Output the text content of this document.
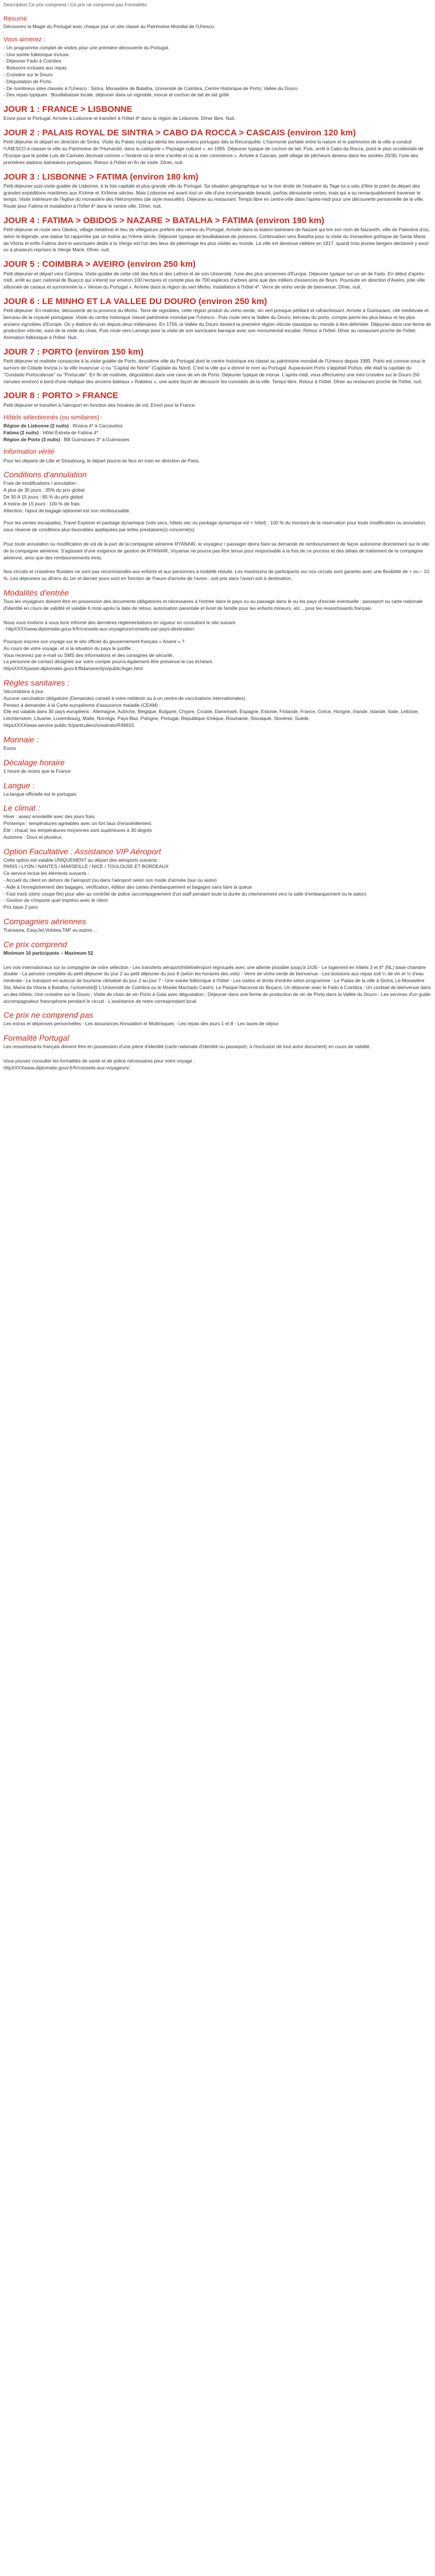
Description Ce prix comprend / Ce prix ne comprend pas Formalités

Résumé

Découvrez la Magie du Portugal avec chaque jour un site classé au Patrimoine Mondial de l'Unesco.

Vous aimerez :
- Un programme complet de visites pour une première découverte du Portugal.
- Une soirée folklorique incluse.
- Déjeuner Fado à Coimbra
- Boissons incluses aux repas.
- Croisière sur le Douro
- Dégustation de Porto.
- De nombreux sites classés à l'Unesco : Sintra, Monastère de Batalha, Université de Coimbra, Centre Historique de Porto, Vallée du Douro
- Des repas typiques : Bouillabaisse locale, déjeuner dans un vignoble, morue et cochon de lait de lait grillé
JOUR 1 : FRANCE > LISBONNE

Envol pour le Portugal. Arrivée à Lisbonne et transfert à l'hôtel 4* dans la région de Lisbonne. Dîner libre. Nuit.

JOUR 2 : PALAIS ROYAL DE SINTRA > CABO DA ROCCA > CASCAIS (environ 120 km)

Petit déjeuner et départ en direction de Sintra. Visite du Palais royal qui abrita les souverains portugais dès la Reconquête. L'harmonie parfaite entre la nature et le patrimoine de la ville a conduit l'UNESCO à classer la ville au Patrimoine de l'Humanité, dans la catégorie « Paysage culturel », en 1995. Déjeuner typique de cochon de lait. Puis, arrêt à Cabo da Rocca, point le plus occidentale de l'Europe que le poète Luis de Camoes décrivait comme « l'endroit où la terre s'arrête et où la mer commence ». Arrivée à Cascais, petit village de pêcheurs devenu dans les années 20/30, l'une des premières stations balnéaires portugaises. Retour à l'hôtel en fin de visite. Dîner, nuit.

JOUR 3 : LISBONNE > FATIMA (environ 180 km)

Petit déjeuner puis visite guidée de Lisbonne, à la fois capitale et plus grande ville du Portugal. Sa situation géographique sur la rive droite de l'estuaire du Tage lui a valu d'être le point de départ des grandes expéditions maritimes aux XVème et XVIème siècles. Mais Lisbonne est avant tout un site d'une incomparable beauté, parfois déroutante certes, mais qui a su remarquablement traverser le temps. Visite intérieure de l'église du monastère des Hiéronymites (de style manuélin). Déjeuner au restaurant. Temps libre en centre-ville dans l'après-midi pour une découverte personnelle de la ville. Route pour Fatima et installation à l'hôtel 4* dans le centre ville. Dîner, nuit.

JOUR 4 : FATIMA > OBIDOS > NAZARE > BATALHA > FATIMA (environ 190 km)

Petit déjeuner et route vers Obidos, village médiéval et lieu de villégiature préféré des reines du Portugal. Arrivée dans la station balnéaire de Nazaré qui tire son nom de Nazareth, ville de Palestine d'où, selon la légende, une statue fut rapportée par un moine au IVème siècle. Déjeuner typique de bouillabaisse de poissons. Continuation vers Batalha pour la visite du monastère gothique de Santa Maria da Vitoria et enfin Fatima dont le sanctuaire dédié à la Vierge est l'un des lieux de pèlerinage les plus visités au monde. La ville est devenue célèbre en 1917, quand trois jeunes bergers déclarent y avoir vu à plusieurs reprises la Vierge Marie. Dîner, nuit.

JOUR 5 : COIMBRA > AVEIRO (environ 250 km)

Petit déjeuner et départ vers Coimbra. Visite guidée de cette cité des Arts et des Lettres et de son Université, l'une des plus anciennes d'Europe. Déjeuner typique sur un air de Fado. En début d'après-midi, arrêt au parc national de Buaçco qui s'étend sur environ 100 hectares et compte plus de 700 espèces d'arbres ainsi que des milliers d'essences de fleurs. Poursuite en direction d'Aveiro, jolie ville sillonnée de canaux et surnommée la « Venise du Portugal ». Arrivée dans la région du vert Minho. Installation à l'hôtel 4*. Verre de vinho verde de bienvenue. Dîner, nuit.

JOUR 6 : LE MINHO ET LA VALLEE DU DOURO (environ 250 km)

Petit déjeuner. En matinée, découverte de la province du Minho. Terre de vignobles, cette région produit du vinho verde, vin vert presque pétillant et rafraichissant. Arrivée à Guimaraes, cité médiévale et berceau de la royauté portugaise. Visite du centre historique classé patrimoine mondial par l'Unesco . Puis route vers la Vallée du Douro, berceau du porto, compte parmi les plus beaux et les plus anciens vignobles d'Europe. On y élabore du vin depuis deux millénaires. En 1756, la Vallée du Douro devient la première région viticole classique au monde à être délimitée. Déjeuner dans une ferme de production viticole, suivi de la visite du chais. Puis route vers Lamego pour la visite de son sanctuaire baroque avec son monumental escalier. Retour à l'hôtel. Dîner au restaurant proche de l'hôtel. Animation folklorique à l'hôtel. Nuit.

JOUR 7 : PORTO (environ 150 km)

Petit déjeuner et matinée consacrée à la visite guidée de Porto, deuxième ville du Portugal dont le centre historique est classé au patrimoine mondial de l'Unesco depuis 1995. Porto est connue sous le surnom de Cidade Invicta (« la ville invaincue ») ou "Capital do Norte" (Capitale du Nord). C'est la ville qui a donné le nom au Portugal. Auparavant Porto s'appelait Portus, elle était la capitale du "Condado Portucalense" ou "Portucale". En fin de matinée, dégustation dans une cave de vin de Porto. Déjeuner typique de morue. L'après-midi, vous effectuerez une mini croisière sur le Douro (50 minutes environ) à bord d'une réplique des anciens bateaux « Rabelos », une autre façon de découvrir les curiosités de la ville. Temps libre. Retour à l'hôtel. Dîner au restaurant proche de l'hôtel, nuit.

JOUR 8 : PORTO > FRANCE

Petit déjeuner et transfert à l'aéroport en fonction des horaires de vol. Envol pour la France.

Hôtels sélectionnés (ou similaires) :
Région de Lisbonne (2 nuits) : Riviera 4* à Carcavelos
Fatima (2 nuits) : Hôtel Estrela de Fatima 4*
Région de Porto (3 nuits) : BB Guimaraes 3* à Guimaraes
Information vérité

Pour les départs de Lille et Strasbourg, le départ pourra se fera en train en direction de Paris.

Conditions d'annulation
Frais de modifications / annulation :
A plus de 30 jours : 35% du prix global
De 30 A 15 jours : 85 % du prix global
A moins de 15 jours : 100 % de frais
Attention, l'ajout de bagage optionnel est non remboursable.

Pour les ventes escapades, Travel Explorer et package dynamique (vols secs, hôtels sec ou package dynamique vol + hôtel) : 100 % du montant de la réservation pour toute modification ou annulation, sous réserve de conditions plus favorables appliquées par le/les prestataire(s) concerné(s).

Pour toute annulation ou modification de vol de la part de la compagnie aérienne RYANAIR, le voyageur / passager devra faire sa demande de remboursement de façon autonome directement sur le site de la compagnie aérienne. S'agissant d'une exigence de gestion de RYANAIR, Voyamar ne pourra pas être tenue pour responsable à la fois de ce process et des délais de traitement de la compagnie aérienne, ainsi que des remboursements émis.

Nos circuits et croisières fluviales ne sont pas recommandés aux enfants et aux personnes à mobilité réduite. Les maximums de participants sur nos circuits sont garantis avec une flexibilité de + ou – 10 %. Les déjeuners ou dîners du 1er et dernier jours sont en fonction de l'heure d'arrivée de l'avion : soit pris dans l'avion soit à destination.

Modalités d'entrée

Tous les voyageurs doivent être en possession des documents obligatoires et nécessaires à l'entrée dans le pays ou au passage dans le ou les pays d'escale éventuelle : passeport ou carte nationale d'identité en cours de validité et valable 6 mois après la date de retour, autorisation parentale et livret de famille pour les enfants mineurs, etc... pour les ressortissants français.

Nous vous invitons à vous tenir informé des dernières réglementations en vigueur en consultant le site suivant
: httpXXXXwww.diplomatie.gouv.fr/fr/conseils-aux-voyageurs/conseils-par-pays-destination
Pourquoi inscrire son voyage sur le site officiel du gouvernement français « Ariane » ?
Au cours de votre voyage, et si la situation du pays le justifie :
Vous recevrez par e-mail ou SMS des informations et des consignes de sécurité.
La personne de contact désignée sur votre compte pourra également être prévenue le cas échéant.
httpsXXXXpastel.diplomatie.gouv.fr/fildariane/dyn/public/login.html
Règles sanitaires :
Vaccinations à jour.
Aucune vaccination obligatoire (Demandez conseil à votre médecin ou à un centre de vaccinations internationales).
Pensez à demander à la Carte européenne d'assurance maladie (CEAM) :
Elle est valable dans 30 pays européens : Allemagne, Autriche, Belgique, Bulgarie, Chypre, Croatie, Danemark, Espagne, Estonie, Finlande, France, Grèce, Hongrie, Irlande, Islande, Italie, Lettonie, Liechtenstein, Lituanie, Luxembourg, Malte, Norvège, Pays-Bas, Pologne, Portugal, République tchèque, Roumanie, Slovaquie, Slovénie, Suède.
httpsXXXXwww.service-public.fr/particuliers/vosdroits/R49815
Monnaie :

Euros

Décalage horaire

1 heure de moins que la France

Langue :

La langue officielle est le portugais

Le climat :
Hiver : assez ensoleillé avec des jours frais.
Printemps : températures agréables avec un fort taux d'ensoleillement.
Eté : chaud, les températures moyennes sont supérieures à 30 degrés
Automne : Doux et pluvieux.
Option Facultative : Assistance VIP Aéroport
Cette option est valable UNIQUEMENT au départ des aéroports suivants :
PARIS / LYON / NANTES / MARSEILLE / NICE / TOULOUSE ET BORDEAUX
Ce service inclue les éléments suivants :
- Accueil du client en dehors de l'aéroport (ou dans l'aéroport selon son mode d'arrivée (taxi ou autre)
- Aide à l'enregistrement des bagages, vérification, édition des cartes d'embarquement et bagages sans faire la queue
- Fast track (donc coupe file) pour aller au contrôle de police (accompagnement d'un staff pendant toute la durée du cheminement vers la salle d'embarquement ou le salon)
- Gestion de n'importe quel imprévu avec le client
Prix base 2 pers
Compagnies aériennes

Transavia, EasyJet,Volotea,TAP ou autres ...

Ce prix comprend

Minimum 10 participants – Maximum 52

Les vols internationaux sur la compagnie de votre sélection - Les transferts aéroport/hôtel/aéroport regroupés avec une attente possible jusqu'à 1h30 - Le logement en hôtels 3 et 4* (NL) base chambre double - La pension complète du petit déjeuner du jour 2 au petit déjeuner du jour 8 (selon les horaires des vols) - Verre de vinho verde de bienvenue - Les boissons aux repas soit ¼ de vin et ½ d'eau minérale - Le transport en autocar de tourisme climatisé du jour 2 au jour 7 - Une soirée folklorique à l'hôtel - Les visites et droits d'entrée selon programme : Le Palais de la ville à Sintra; Le Monastère Sta; Maria da Vitoria à Batalha; l'université@ L'Université de Coimbra ou le Musée Machado Castro; Le Parque Nacional do Buçaco; Un déjeuner avec le Fado à Coimbra ; Un cocktail de bienvenue dans un des hôtels; Une croisière sur le Douro ; Visite de chais de vin Porto à Gaia avec dégustation ; Déjeuner dans une ferme de production de vin de Porto dans la Vallée du Douro - Les services d'un guide accompagnateur francophone pendant le circuit - L'assistance de notre correspondant local.

Ce prix ne comprend pas

Les extras et dépenses personnelles - Les assurances Annulation et Multirisques - Les repas des jours 1 et 8 - Les taxes de séjour

Formalité Portugal

Les ressortissants français doivent être en possession d'une pièce d'identité (carte nationale d'identité ou passeport, à l'exclusion de tout autre document) en cours de validité.

Vous pouvez consulter les formalités de santé et de police nécessaires pour votre voyage :
httpXXXXwww.diplomatie.gouv.fr/fr/conseils-aux-voyageurs/
